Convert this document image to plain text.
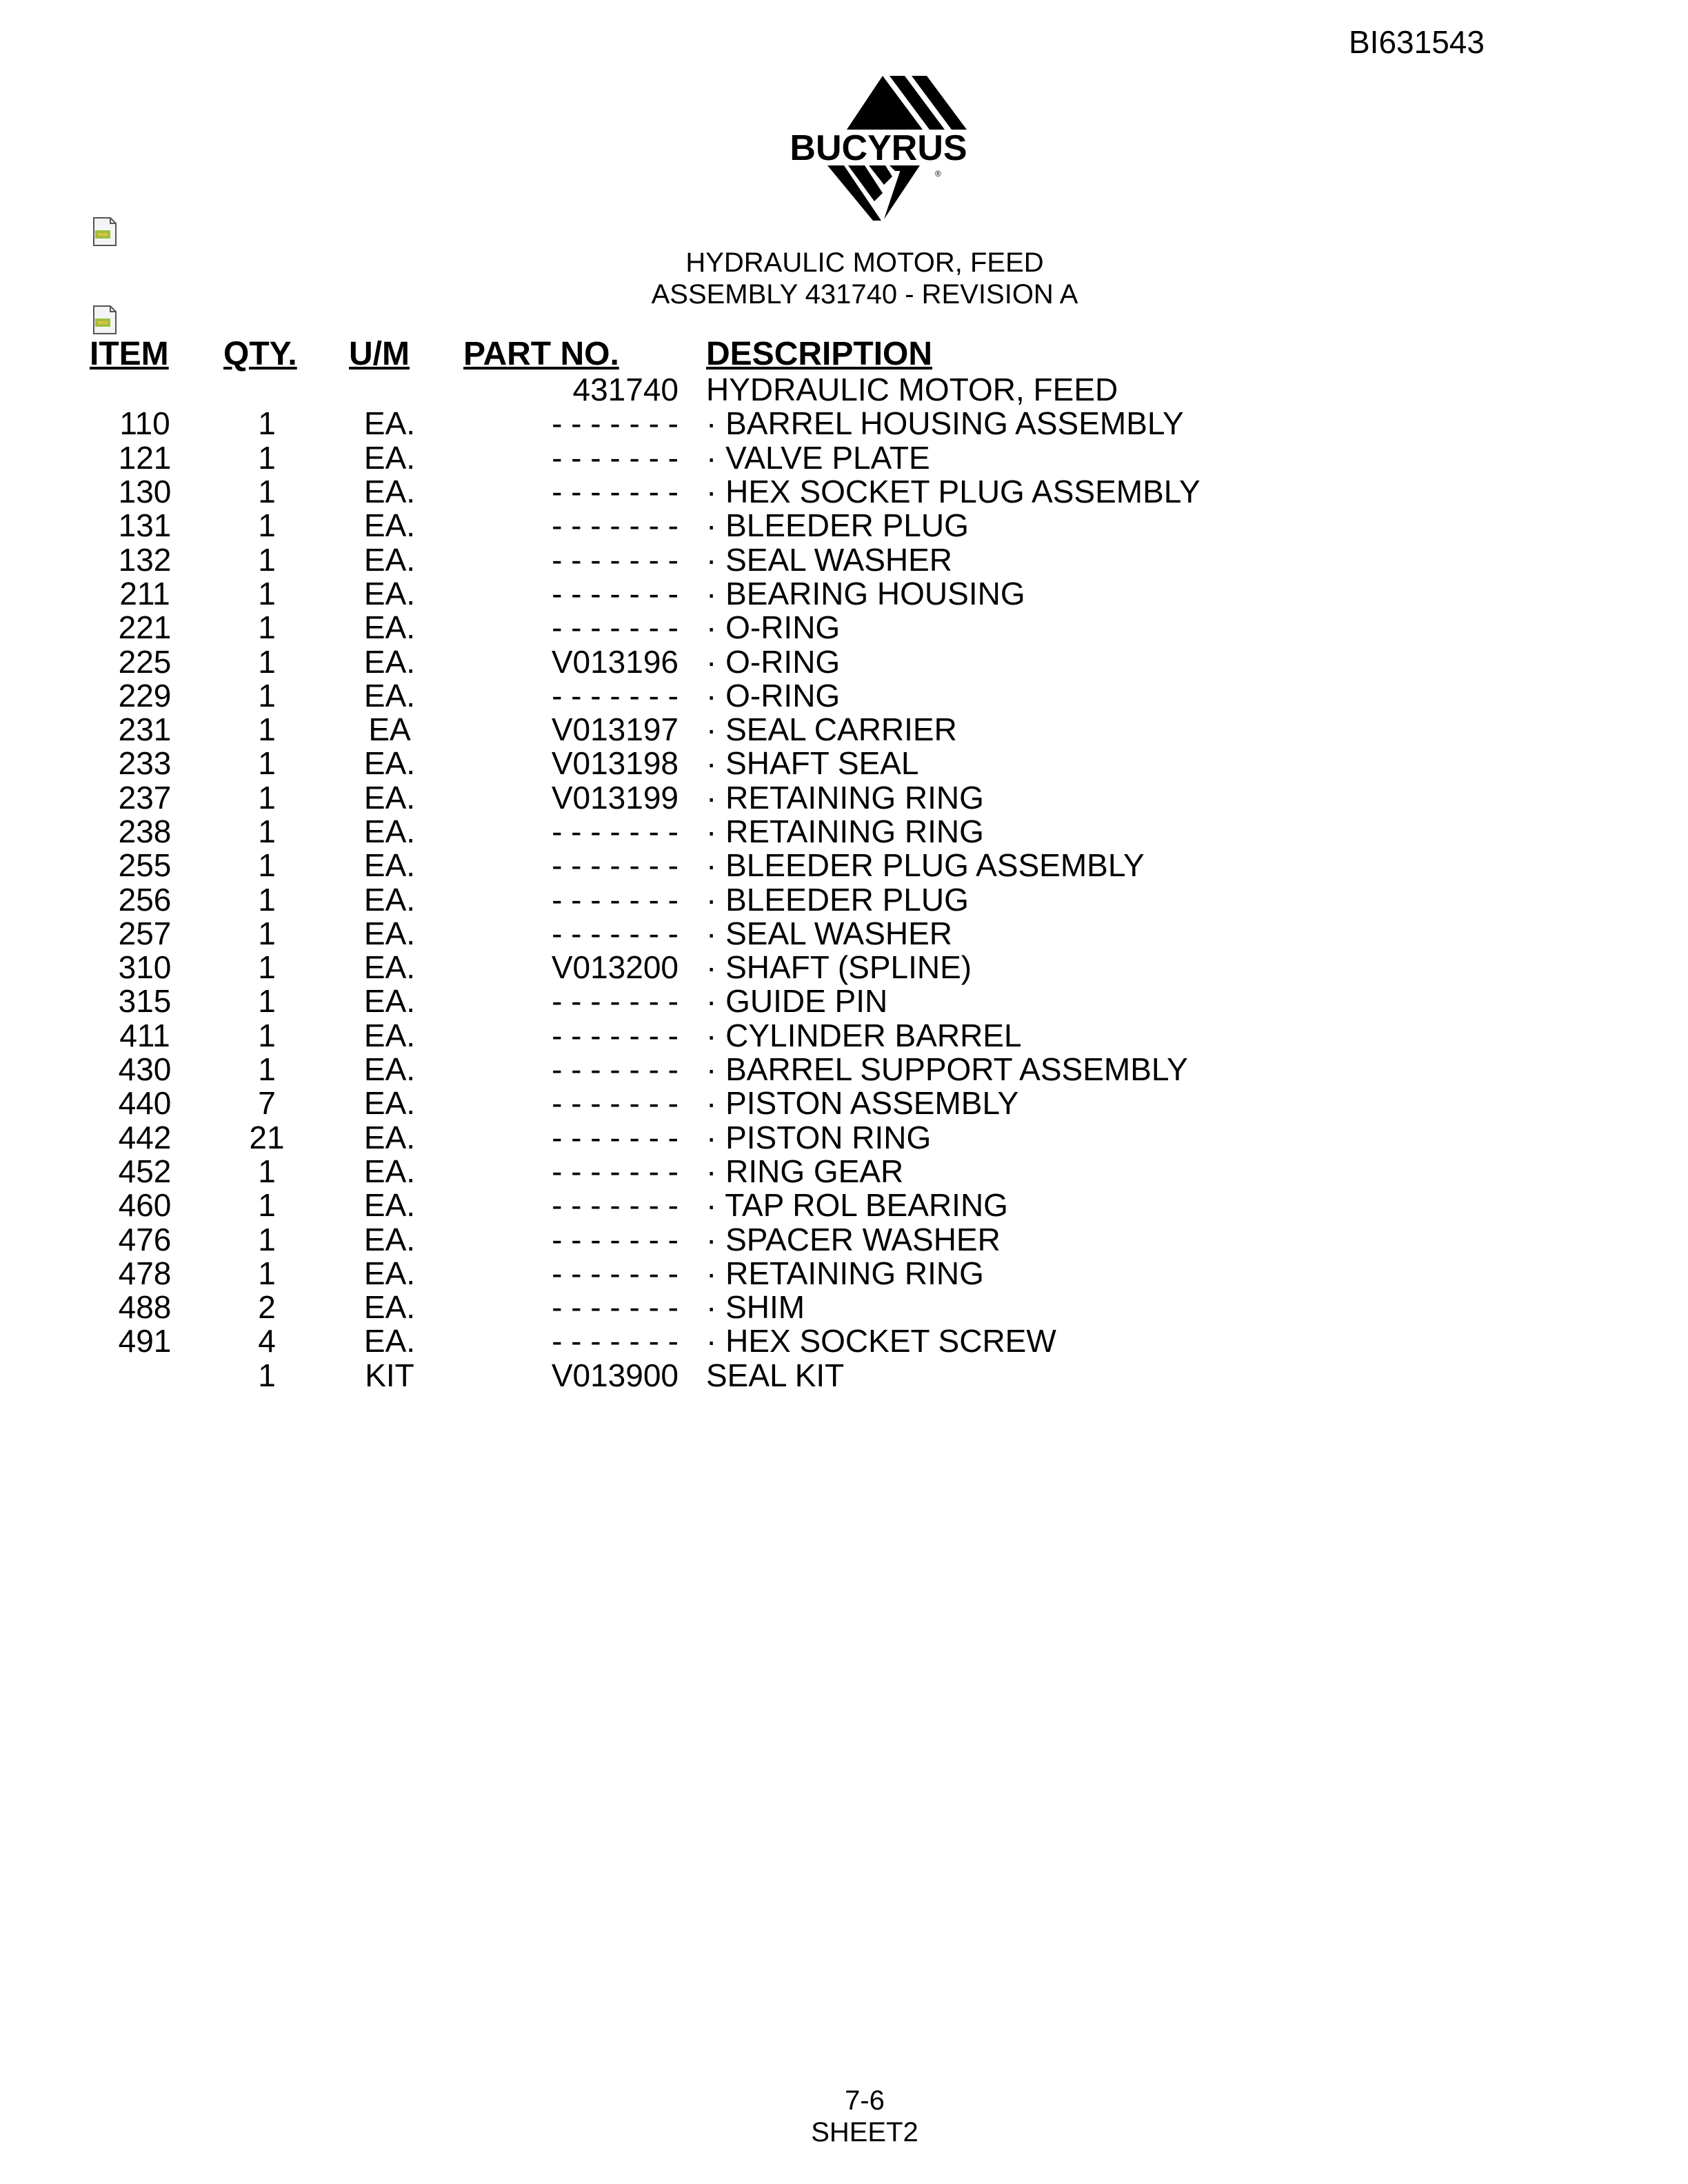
BI631543
BUCYRUS
®
HYDRAULIC MOTOR, FEED
ASSEMBLY 431740 - REVISION A
ITEM	QTY.	U/M	PART NO.	DESCRIPTION
			431740	HYDRAULIC MOTOR, FEED
110	1	EA.	- - - - - - -	· BARREL HOUSING ASSEMBLY
121	1	EA.	- - - - - - -	· VALVE PLATE
130	1	EA.	- - - - - - -	· HEX SOCKET PLUG ASSEMBLY
131	1	EA.	- - - - - - -	· BLEEDER PLUG
132	1	EA.	- - - - - - -	· SEAL WASHER
211	1	EA.	- - - - - - -	· BEARING HOUSING
221	1	EA.	- - - - - - -	· O-RING
225	1	EA.	V013196	· O-RING
229	1	EA.	- - - - - - -	· O-RING
231	1	EA	V013197	· SEAL CARRIER
233	1	EA.	V013198	· SHAFT SEAL
237	1	EA.	V013199	· RETAINING RING
238	1	EA.	- - - - - - -	· RETAINING RING
255	1	EA.	- - - - - - -	· BLEEDER PLUG ASSEMBLY
256	1	EA.	- - - - - - -	· BLEEDER PLUG
257	1	EA.	- - - - - - -	· SEAL WASHER
310	1	EA.	V013200	· SHAFT (SPLINE)
315	1	EA.	- - - - - - -	· GUIDE PIN
411	1	EA.	- - - - - - -	· CYLINDER BARREL
430	1	EA.	- - - - - - -	· BARREL SUPPORT ASSEMBLY
440	7	EA.	- - - - - - -	· PISTON ASSEMBLY
442	21	EA.	- - - - - - -	· PISTON RING
452	1	EA.	- - - - - - -	· RING GEAR
460	1	EA.	- - - - - - -	· TAP ROL BEARING
476	1	EA.	- - - - - - -	· SPACER WASHER
478	1	EA.	- - - - - - -	· RETAINING RING
488	2	EA.	- - - - - - -	· SHIM
491	4	EA.	- - - - - - -	· HEX SOCKET SCREW
	1	KIT	V013900	SEAL KIT
7-6
SHEET2
